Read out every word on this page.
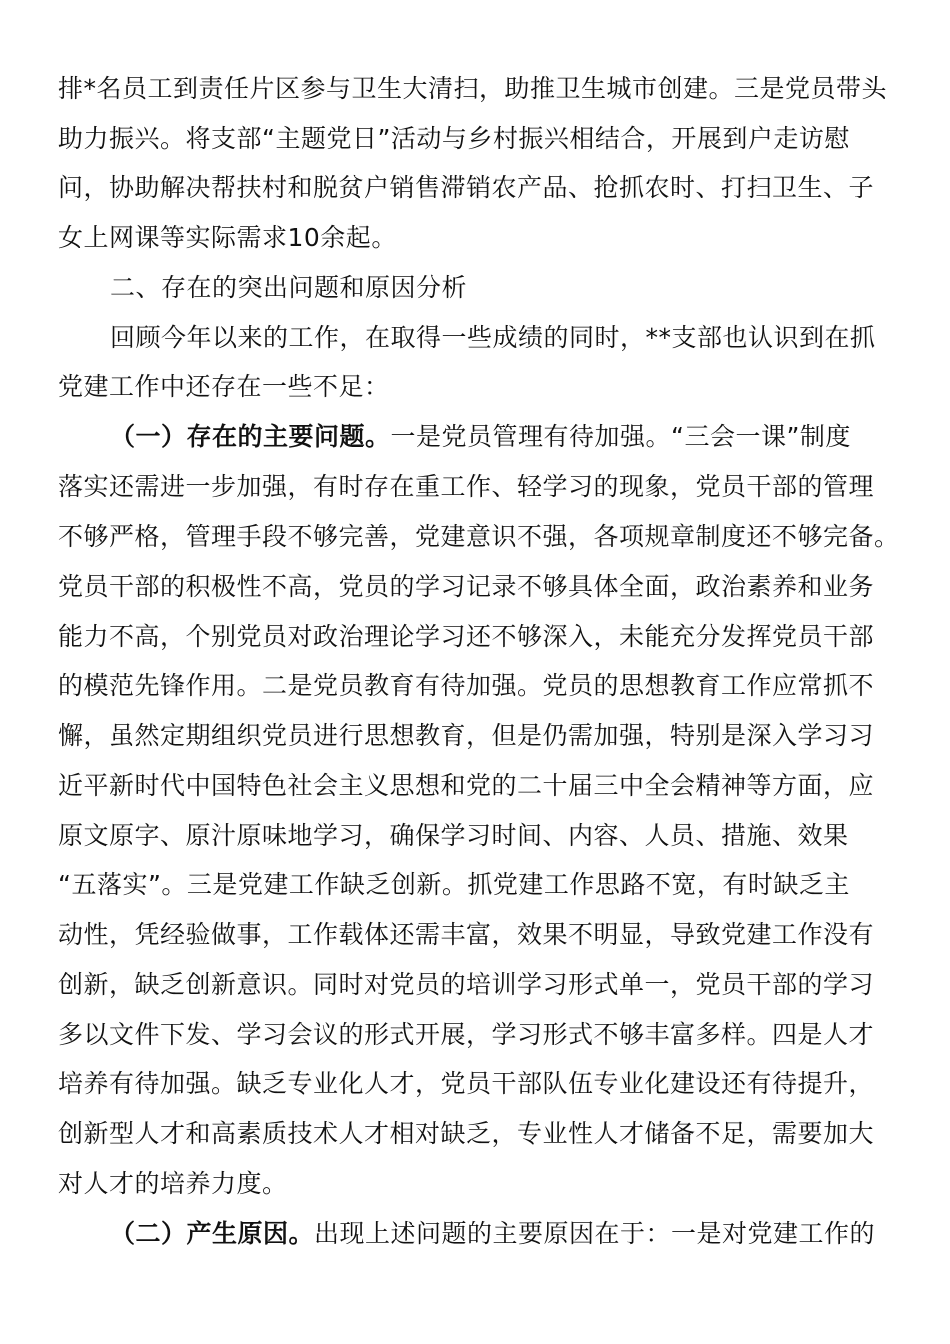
排*名员工到责任片区参与卫生大清扫，助推卫生城市创建。三是党员带头
助力振兴。将支部“主题党日”活动与乡村振兴相结合，开展到户走访慰
问，协助解决帮扶村和脱贫户销售滞销农产品、抢抓农时、打扫卫生、子
女上网课等实际需求10余起。
二、存在的突出问题和原因分析
回顾今年以来的工作，在取得一些成绩的同时，**支部也认识到在抓
党建工作中还存在一些不足：
（一）存在的主要问题。一是党员管理有待加强。“三会一课”制度
落实还需进一步加强，有时存在重工作、轻学习的现象，党员干部的管理
不够严格，管理手段不够完善，党建意识不强，各项规章制度还不够完备。
党员干部的积极性不高，党员的学习记录不够具体全面，政治素养和业务
能力不高，个别党员对政治理论学习还不够深入，未能充分发挥党员干部
的模范先锋作用。二是党员教育有待加强。党员的思想教育工作应常抓不
懈，虽然定期组织党员进行思想教育，但是仍需加强，特别是深入学习习
近平新时代中国特色社会主义思想和党的二十届三中全会精神等方面，应
原文原字、原汁原味地学习，确保学习时间、内容、人员、措施、效果
“五落实”。三是党建工作缺乏创新。抓党建工作思路不宽，有时缺乏主
动性，凭经验做事，工作载体还需丰富，效果不明显，导致党建工作没有
创新，缺乏创新意识。同时对党员的培训学习形式单一，党员干部的学习
多以文件下发、学习会议的形式开展，学习形式不够丰富多样。四是人才
培养有待加强。缺乏专业化人才，党员干部队伍专业化建设还有待提升，
创新型人才和高素质技术人才相对缺乏，专业性人才储备不足，需要加大
对人才的培养力度。
（二）产生原因。出现上述问题的主要原因在于：一是对党建工作的
